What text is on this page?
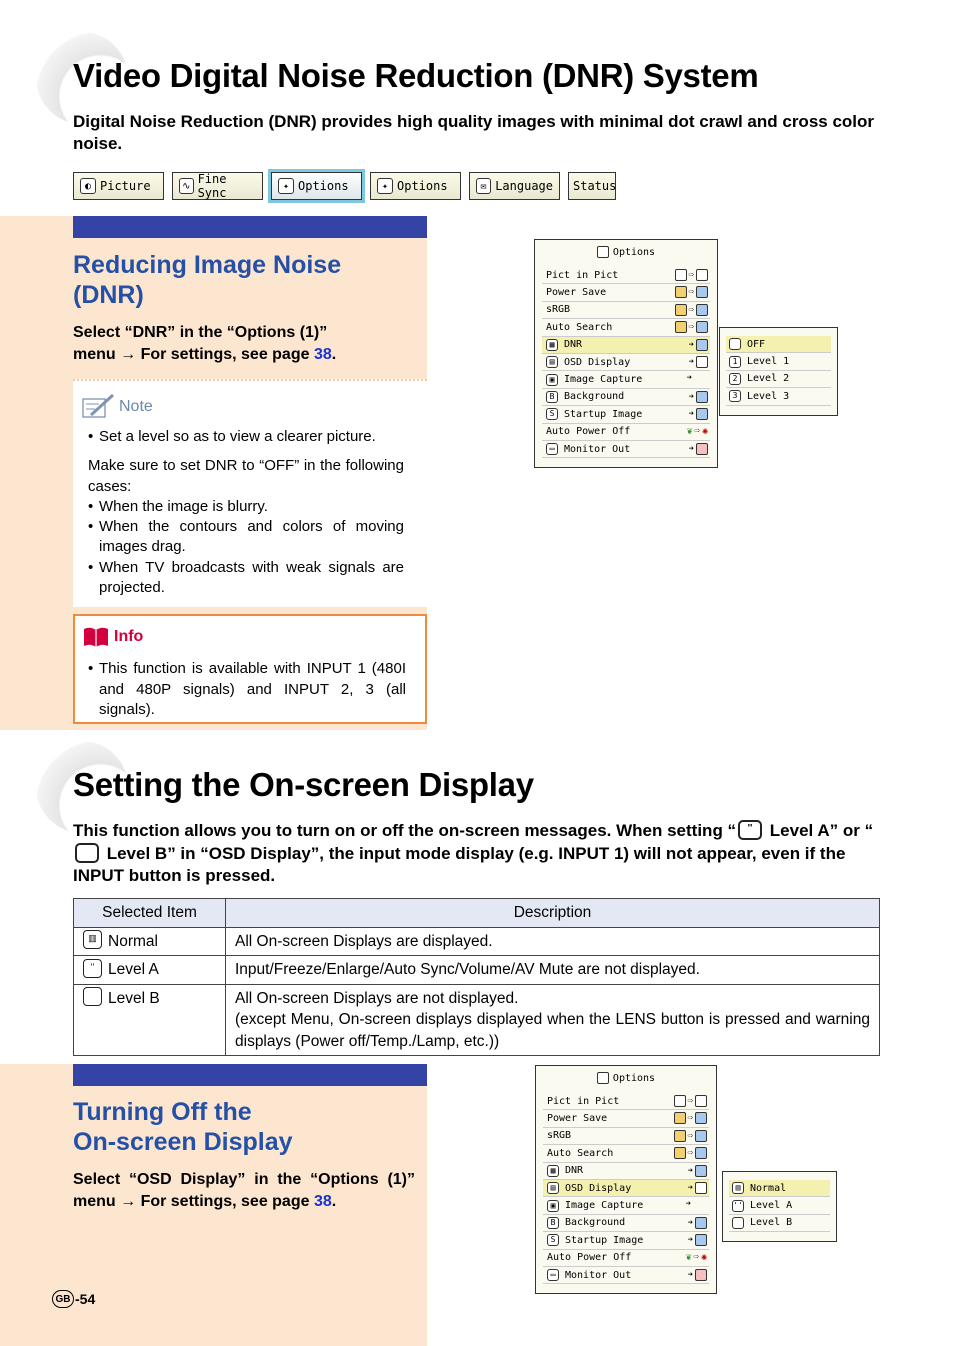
Video Digital Noise Reduction (DNR) System

Digital Noise Reduction (DNR) provides high quality images with minimal dot crawl and cross color noise.

◐ Picture	∿ Fine Sync	✦ Options	✦ Options	✉ Language Status
Reducing Image Noise
(DNR)

Select “DNR” in the “Options (1)”
menu → For settings, see page 38.

Note

• Set a level so as to view a clearer picture.

Make sure to set DNR to “OFF” in the following cases:

• When the image is blurry.

• When the contours and colors of moving images drag.

• When TV broadcasts with weak signals are projected.

Info

• This function is available with INPUT 1 (480I and 480P signals) and INPUT 2, 3 (all signals).

Options
Pict in Pict	⇨
Power Save	⇨
sRGB	⇨
Auto Search	⇨
▦ DNR	➔
▤ OSD Display	➔
▣ Image Capture	➔
B Background	➔
S Startup Image	➔
Auto Power Off	❦ ⇨ ✺
▭ Monitor Out	➔
OFF
1 Level 1
2 Level 2
3 Level 3
Setting the On-screen Display

This function allows you to turn on or off the on-screen messages. When setting “ '' Level A” or “ Level B” in “OSD Display”, the input mode display (e.g. INPUT 1) will not appear, even if the INPUT button is pressed.

Selected Item	Description
▥ Normal	All On-screen Displays are displayed.
'' Level A	Input/Freeze/Enlarge/Auto Sync/Volume/AV Mute are not displayed.
Level B	All On-screen Displays are not displayed.
(except Menu, On-screen displays displayed when the LENS button is pressed and warning displays (Power off/Temp./Lamp, etc.))
Turning Off the
On-screen Display

Select “OSD Display” in the “Options (1)” menu → For settings, see page 38.

Options
Pict in Pict	⇨
Power Save	⇨
sRGB	⇨
Auto Search	⇨
▦ DNR	➔
▤ OSD Display	➔
▣ Image Capture	➔
B Background	➔
S Startup Image	➔
Auto Power Off	❦ ⇨ ✺
▭ Monitor Out	➔
▥ Normal
'' Level A
Level B
GB -54
